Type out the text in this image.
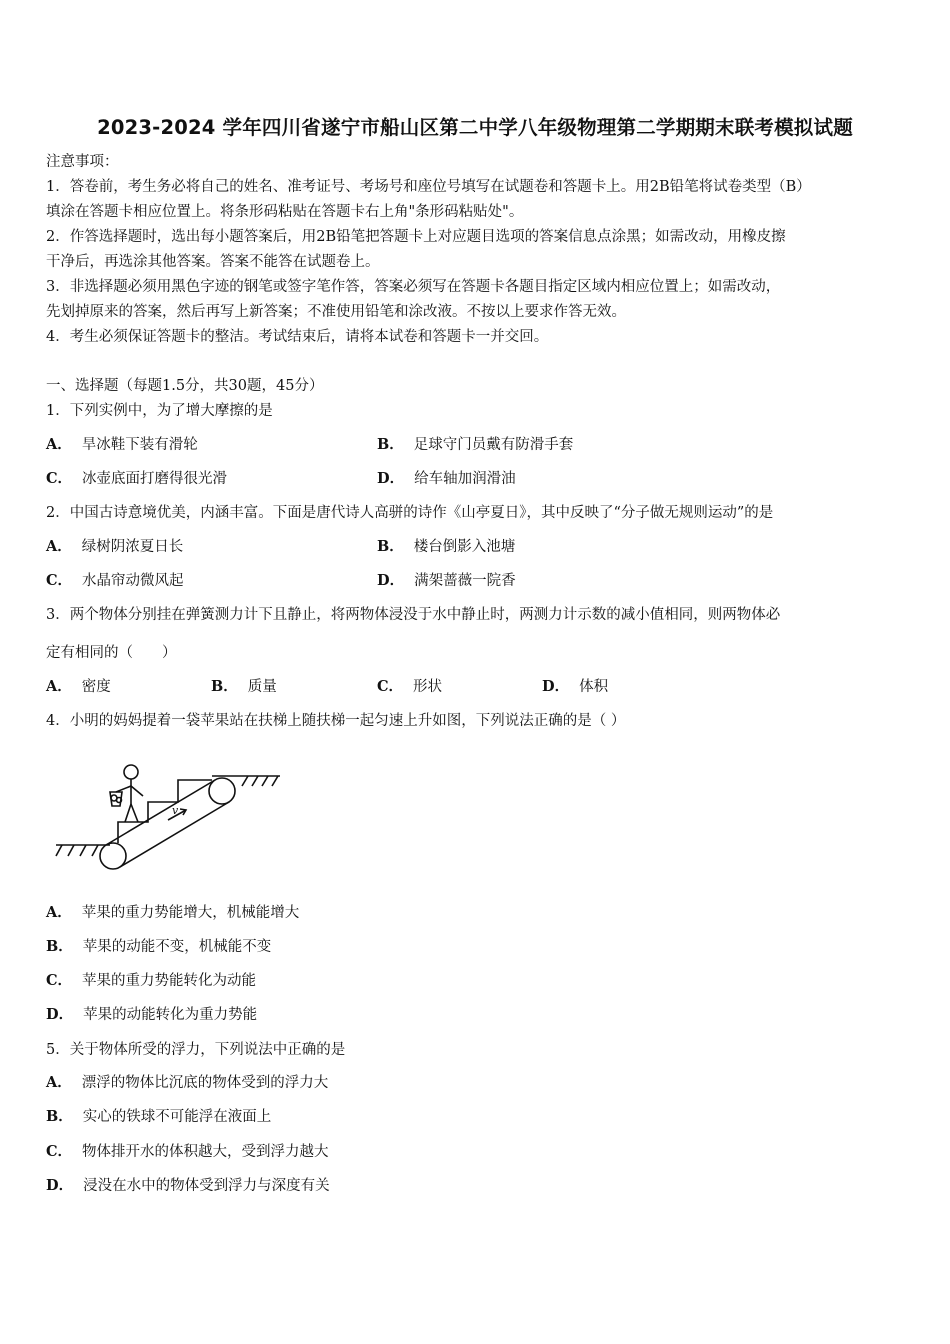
2023-2024 学年四川省遂宁市船山区第二中学八年级物理第二学期期末联考模拟试题
注意事项：
1．答卷前，考生务必将自己的姓名、准考证号、考场号和座位号填写在试题卷和答题卡上。用2B铅笔将试卷类型（B）
填涂在答题卡相应位置上。将条形码粘贴在答题卡右上角"条形码粘贴处"。
2．作答选择题时，选出每小题答案后，用2B铅笔把答题卡上对应题目选项的答案信息点涂黑；如需改动，用橡皮擦
干净后，再选涂其他答案。答案不能答在试题卷上。
3．非选择题必须用黑色字迹的钢笔或签字笔作答，答案必须写在答题卡各题目指定区域内相应位置上；如需改动，
先划掉原来的答案，然后再写上新答案；不准使用铅笔和涂改液。不按以上要求作答无效。
4．考生必须保证答题卡的整洁。考试结束后，请将本试卷和答题卡一并交回。
一、选择题（每题1.5分，共30题，45分）
1．下列实例中，为了增大摩擦的是
A． 旱冰鞋下装有滑轮	B． 足球守门员戴有防滑手套
C． 冰壶底面打磨得很光滑	D． 给车轴加润滑油
2．中国古诗意境优美，内涵丰富。下面是唐代诗人高骈的诗作《山亭夏日》，其中反映了“分子做无规则运动”的是
A． 绿树阴浓夏日长	B． 楼台倒影入池塘
C． 水晶帘动微风起	D． 满架蔷薇一院香
3．两个物体分别挂在弹簧测力计下且静止，将两物体浸没于水中静止时，两测力计示数的减小值相同，则两物体必
定有相同的（　　）
A． 密度	B． 质量	C． 形状	D． 体积
4．小明的妈妈提着一袋苹果站在扶梯上随扶梯一起匀速上升如图，下列说法正确的是（ ）
v
A． 苹果的重力势能增大，机械能增大
B． 苹果的动能不变，机械能不变
C． 苹果的重力势能转化为动能
D． 苹果的动能转化为重力势能
5．关于物体所受的浮力，下列说法中正确的是
A． 漂浮的物体比沉底的物体受到的浮力大
B． 实心的铁球不可能浮在液面上
C． 物体排开水的体积越大，受到浮力越大
D． 浸没在水中的物体受到浮力与深度有关
